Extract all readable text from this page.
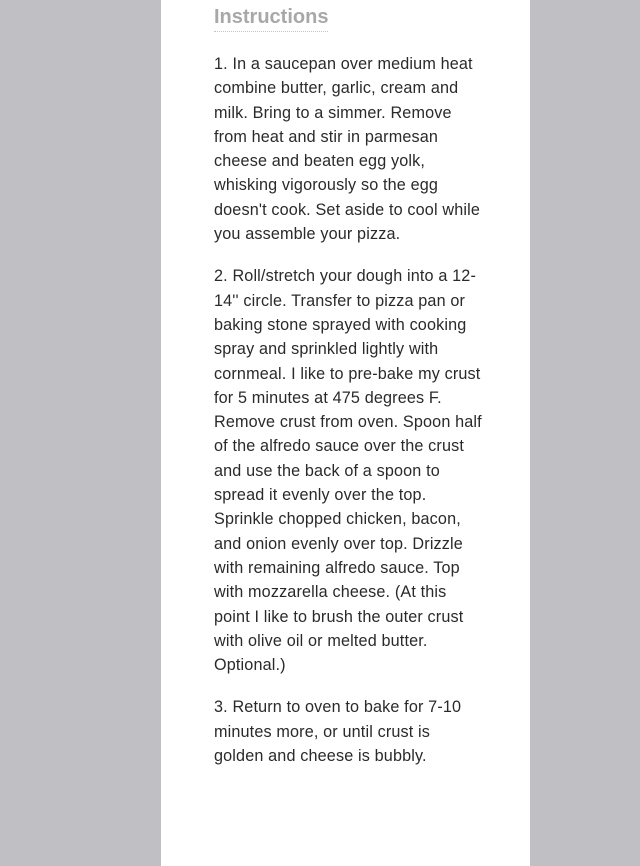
Instructions

1. In a saucepan over medium heat combine butter, garlic, cream and milk. Bring to a simmer. Remove from heat and stir in parmesan cheese and beaten egg yolk, whisking vigorously so the egg doesn't cook. Set aside to cool while you assemble your pizza.

2. Roll/stretch your dough into a 12-14'' circle. Transfer to pizza pan or baking stone sprayed with cooking spray and sprinkled lightly with cornmeal. I like to pre-bake my crust for 5 minutes at 475 degrees F. Remove crust from oven. Spoon half of the alfredo sauce over the crust and use the back of a spoon to spread it evenly over the top. Sprinkle chopped chicken, bacon, and onion evenly over top. Drizzle with remaining alfredo sauce. Top with mozzarella cheese. (At this point I like to brush the outer crust with olive oil or melted butter. Optional.)

3. Return to oven to bake for 7-10 minutes more, or until crust is golden and cheese is bubbly.
